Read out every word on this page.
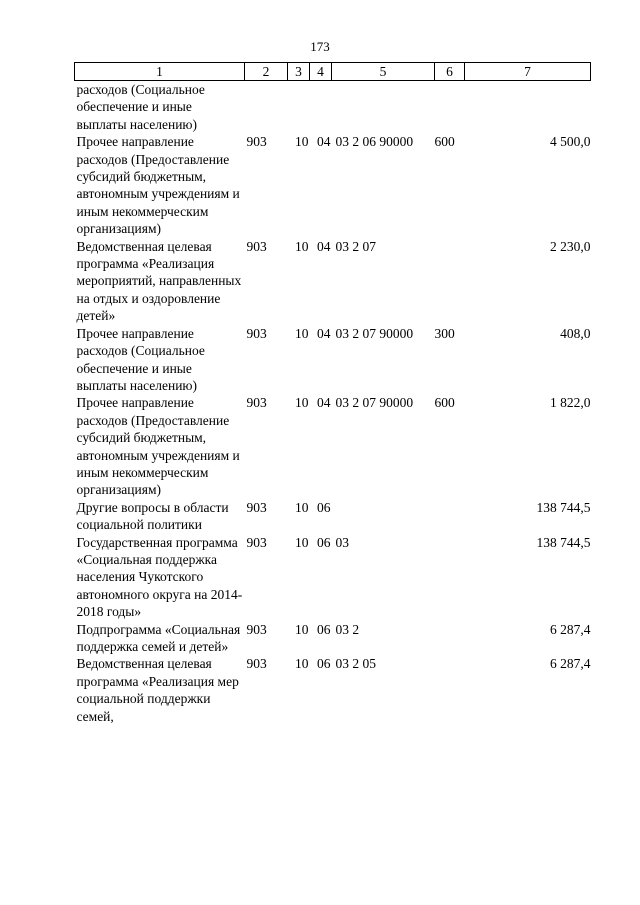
173
1	2	3	4	5	6	7
расходов (Социальное обеспечение и иные выплаты населению)						
Прочее направление расходов (Предоставление субсидий бюджетным, автономным учреждениям и иным некоммерческим организациям)	903	10	04	03 2 06 90000	600	4 500,0
Ведомственная целевая программа «Реализация мероприятий, направленных на отдых и оздоровление детей»	903	10	04	03 2 07		2 230,0
Прочее направление расходов (Социальное обеспечение и иные выплаты населению)	903	10	04	03 2 07 90000	300	408,0
Прочее направление расходов (Предоставление субсидий бюджетным, автономным учреждениям и иным некоммерческим организациям)	903	10	04	03 2 07 90000	600	1 822,0
Другие вопросы в области социальной политики	903	10	06			138 744,5
Государственная программа «Социальная поддержка населения Чукотского автономного округа на 2014-2018 годы»	903	10	06	03		138 744,5
Подпрограмма «Социальная поддержка семей и детей»	903	10	06	03 2		6 287,4
Ведомственная целевая программа «Реализация мер социальной поддержки семей,	903	10	06	03 2 05		6 287,4
